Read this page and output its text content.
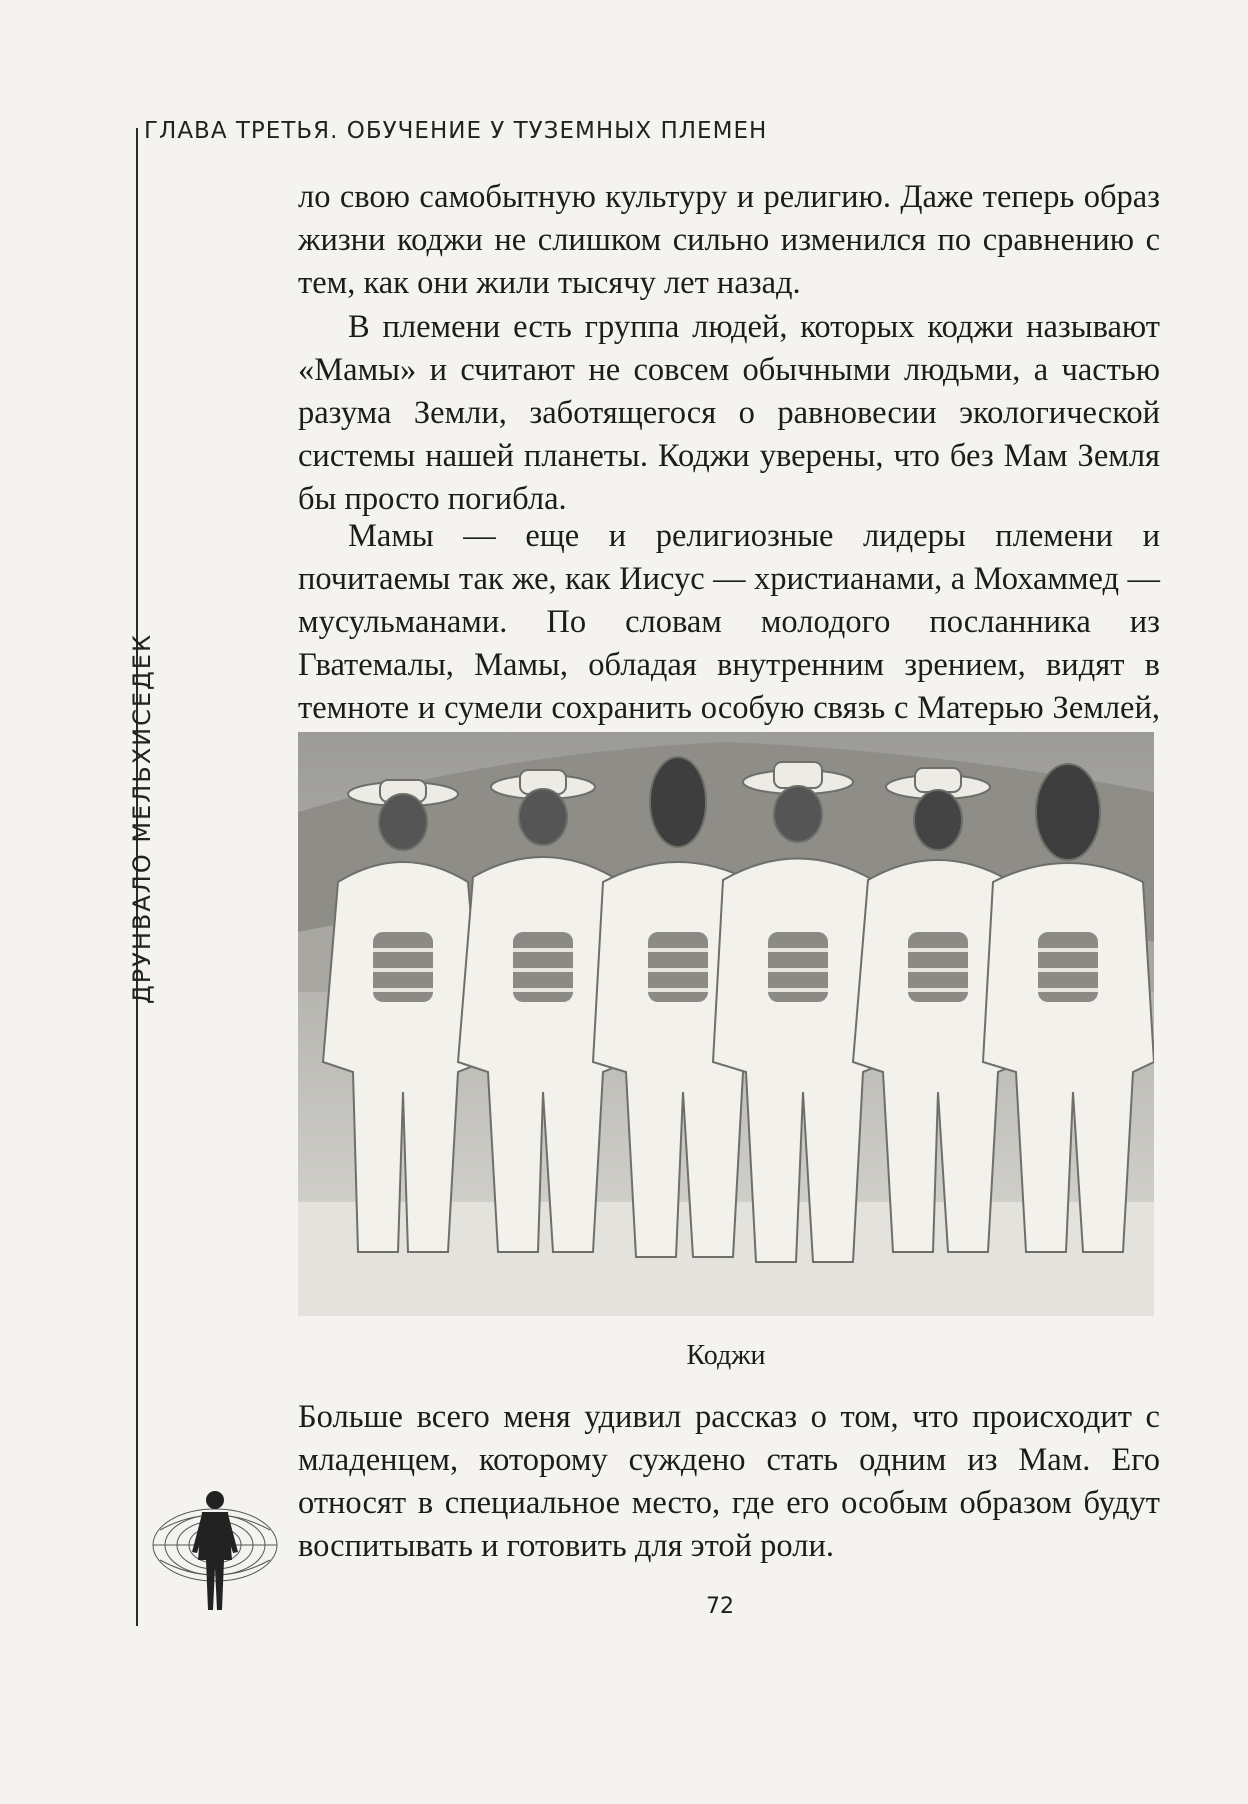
ГЛАВА ТРЕТЬЯ. ОБУЧЕНИЕ У ТУЗЕМНЫХ ПЛЕМЕН
ДРУНВАЛО МЕЛЬХИСЕДЕК

ло свою самобытную культуру и религию. Даже теперь образ жизни коджи не слишком сильно изменился по сравнению с тем, как они жили тысячу лет назад.

В племени есть группа людей, которых коджи называют «Мамы» и считают не совсем обычными людьми, а частью разума Земли, заботящегося о равновесии экологической системы нашей планеты. Коджи уверены, что без Мам Земля бы просто погибла.

Мамы — еще и религиозные лидеры племени и почитаемы так же, как Иисус — христианами, а Мохаммед — мусульманами. По словам молодого посланника из Гватемалы, Мамы, обладая внутренним зрением, видят в темноте и сумели сохранить особую связь с Матерью Землей,

Коджи

Больше всего меня удивил рассказ о том, что происходит с младенцем, которому суждено стать одним из Мам. Его относят в специальное место, где его особым образом будут воспитывать и готовить для этой роли.

72
